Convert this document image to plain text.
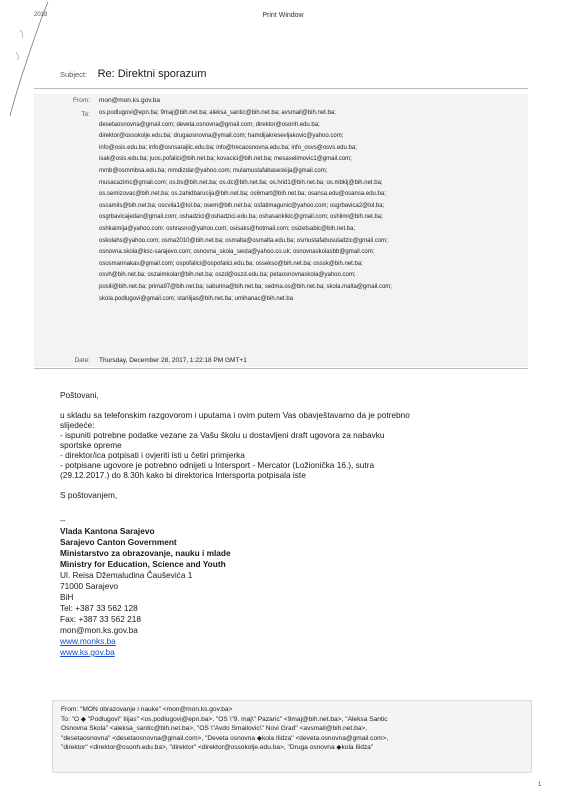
2018	Print Window
Subject: Re: Direktni sporazum
From: mon@mon.ks.gov.ba
To: os.podlugovi@epn.ba; 9maj@bih.net.ba; aleksa_santic@bih.net.ba; avsmail@bih.net.ba;
desetaosnovna@gmail.com; deveta.osnovna@gmail.com; direktor@osonh.edu.ba;
direktor@ossokolje.edu.ba; drugaosnovna@ymail.com; hamdijakresevljakovic@yahoo.com;
info@osis.edu.ba; info@osnsarajlic.edu.ba; info@trecaosnovna.edu.ba; info_osvs@osvs.edu.ba;
isak@osis.edu.ba; juos.pofalici@bih.net.ba; kovacici@bih.net.ba; mesaselimovic1@gmail.com;
mmb@osmmbsa.edu.ba; mmdizdar@yahoo.com; mulamustafabaseskija@gmail.com;
musacazimc@gmail.com; os.bs@bih.net.ba; os.dc@bih.net.ba; os.hrid1@bih.net.ba; os.mbklj@bih.net.ba;
os.semizovac@bih.net.ba; os.zahidbarucija@bih.net.ba; os6mart@bih.net.ba; osansa.edu@osansa.edu.ba;
oscamils@bih.net.ba; oscvila1@lol.ba; osem@bih.net.ba; osfatimagunic@yahoo.com; osgrbavica2@lol.ba;
osgrbavicajedan@gmail.com; oshadzici@oshadzici.edu.ba; oshasankikic@gmail.com; oshilmi@bih.net.ba;
oshkaimija@yahoo.com; oshrasno@yahoo.com; osisaks@hotmail.com; osizetsabic@bih.net.ba;
oskolahs@yahoo.com; osma2010@bih.net.ba; osmalta@osmalta.edu.ba; osmustafabusuladzic@gmail.com;
osnovna.skola@ksc-sarajevo.com; osnovna_skola_sesta@yahoo.co.uk; osnovnaskolasbb@gmail.com;
ososmannakas@gmail.com; ospofalici@ospofalici.edu.ba; ossekso@bih.net.ba; osssk@bih.net.ba;
osvh@bih.net.ba; oszaimkolar@bih.net.ba; oszd@oszd.edu.ba; petaosnovnaskola@yahoo.com;
posili@bih.net.ba; prima97@bih.net.ba; saburina@bih.net.ba; sedma.os@bih.net.ba; skola.malta@gmail.com;
skola.podlugovi@gmail.com; starilijas@bih.net.ba; umihanac@bih.net.ba
Date: Thursday, December 28, 2017, 1:22:18 PM GMT+1

Poštovani,

u skladu sa telefonskim razgovorom i uputama i ovim putem Vas obavještavamo da je potrebno

slijedeće:

- ispuniti potrebne podatke vezane za Vašu školu u dostavljeni draft ugovora za nabavku

sportske opreme

- direktor/ica potpisati i ovjeriti isti u četiri primjerka

- potpisane ugovore je potrebno odnijeti u Intersport - Mercator (Ložionička 16.), sutra

(29.12.2017.) do 8.30h kako bi direktorica Intersporta potpisala iste

S poštovanjem,

--
Vlada Kantona Sarajevo
Sarajevo Canton Government
Ministarstvo za obrazovanje, nauku i mlade
Ministry for Education, Science and Youth
Ul. Reisa Džemaludina Čauševića 1
71000 Sarajevo
BiH
Tel: +387 33 562 128
Fax: +387 33 562 218
mon@mon.ks.gov.ba
www.monks.ba
www.ks.gov.ba
From: "MON obrazovanje i nauke" <mon@mon.ks.gov.ba>
To: "O ◆ "Podlugovi" Ilijas" <os.podlugovi@epn.ba>, "OS \"9. maj\" Pazaric" <9maj@bih.net.ba>, "Aleksa Santic
Osnovna Skola" <aleksa_santic@bih.net.ba>, "OS \"Avdo Smailovic\" Novi Grad" <avsmail@bih.net.ba>,
"desetaosnovna" <desetaosnovna@gmail.com>, "Deveta osnovna ◆kola Ilidza" <deveta.osnovna@gmail.com>,
"direktor" <direktor@osonh.edu.ba>, "direktor" <direktor@ossokolje.edu.ba>, "Druga osnovna ◆kola Ilidza"
1
